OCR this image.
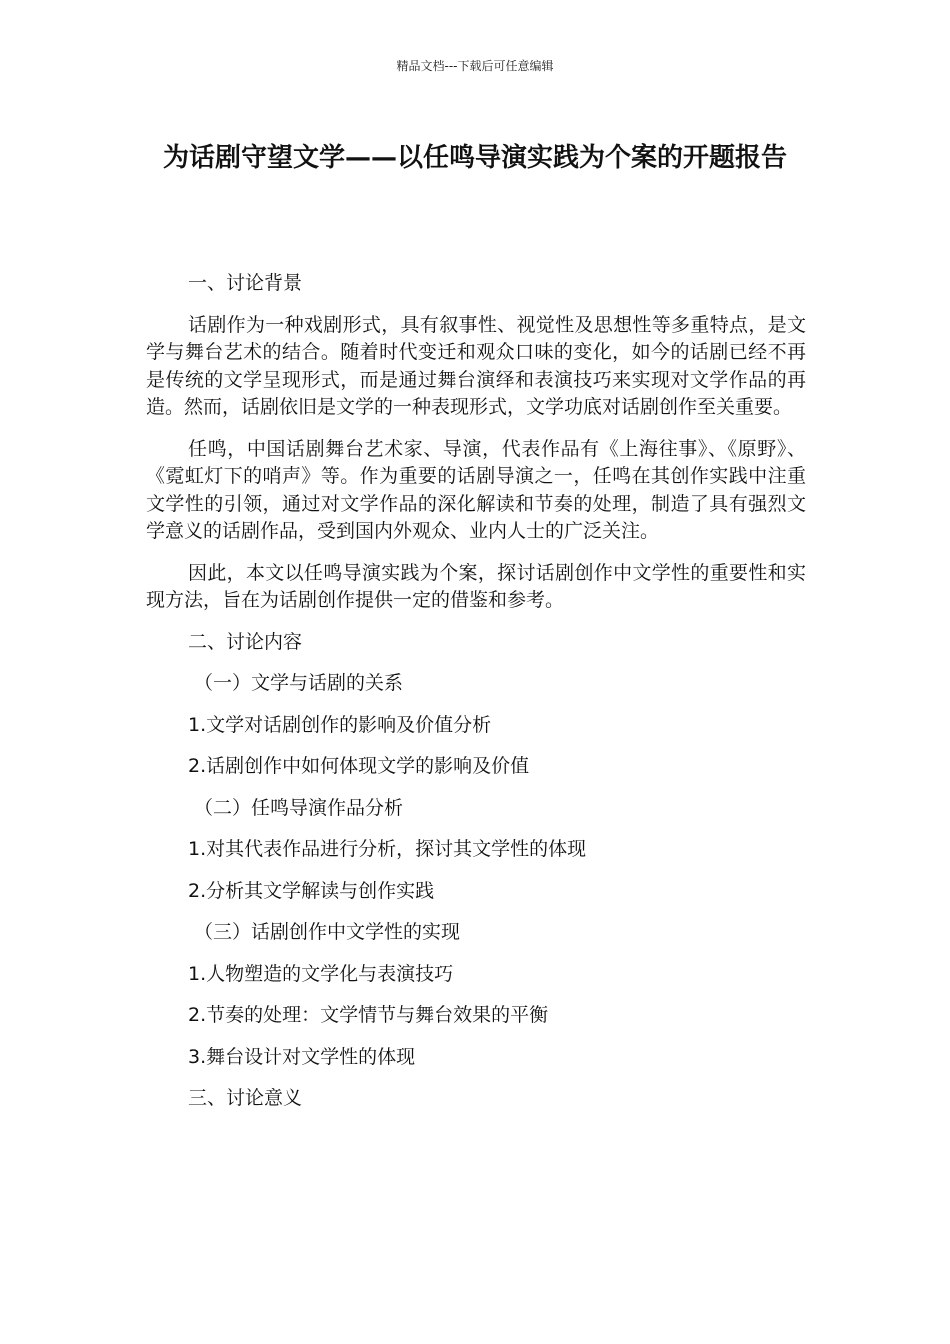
精品文档---下载后可任意编辑
为话剧守望文学——以任鸣导演实践为个案的开题报告

一、讨论背景

话剧作为一种戏剧形式，具有叙事性、视觉性及思想性等多重特点，是文学与舞台艺术的结合。随着时代变迁和观众口味的变化，如今的话剧已经不再是传统的文学呈现形式，而是通过舞台演绎和表演技巧来实现对文学作品的再造。然而，话剧依旧是文学的一种表现形式，文学功底对话剧创作至关重要。

任鸣，中国话剧舞台艺术家、导演，代表作品有《上海往事》、《原野》、《霓虹灯下的哨声》等。作为重要的话剧导演之一，任鸣在其创作实践中注重文学性的引领，通过对文学作品的深化解读和节奏的处理，制造了具有强烈文学意义的话剧作品，受到国内外观众、业内人士的广泛关注。

因此，本文以任鸣导演实践为个案，探讨话剧创作中文学性的重要性和实现方法，旨在为话剧创作提供一定的借鉴和参考。

二、讨论内容

（一）文学与话剧的关系

1.文学对话剧创作的影响及价值分析

2.话剧创作中如何体现文学的影响及价值

（二）任鸣导演作品分析

1.对其代表作品进行分析，探讨其文学性的体现

2.分析其文学解读与创作实践

（三）话剧创作中文学性的实现

1.人物塑造的文学化与表演技巧

2.节奏的处理：文学情节与舞台效果的平衡

3.舞台设计对文学性的体现

三、讨论意义
